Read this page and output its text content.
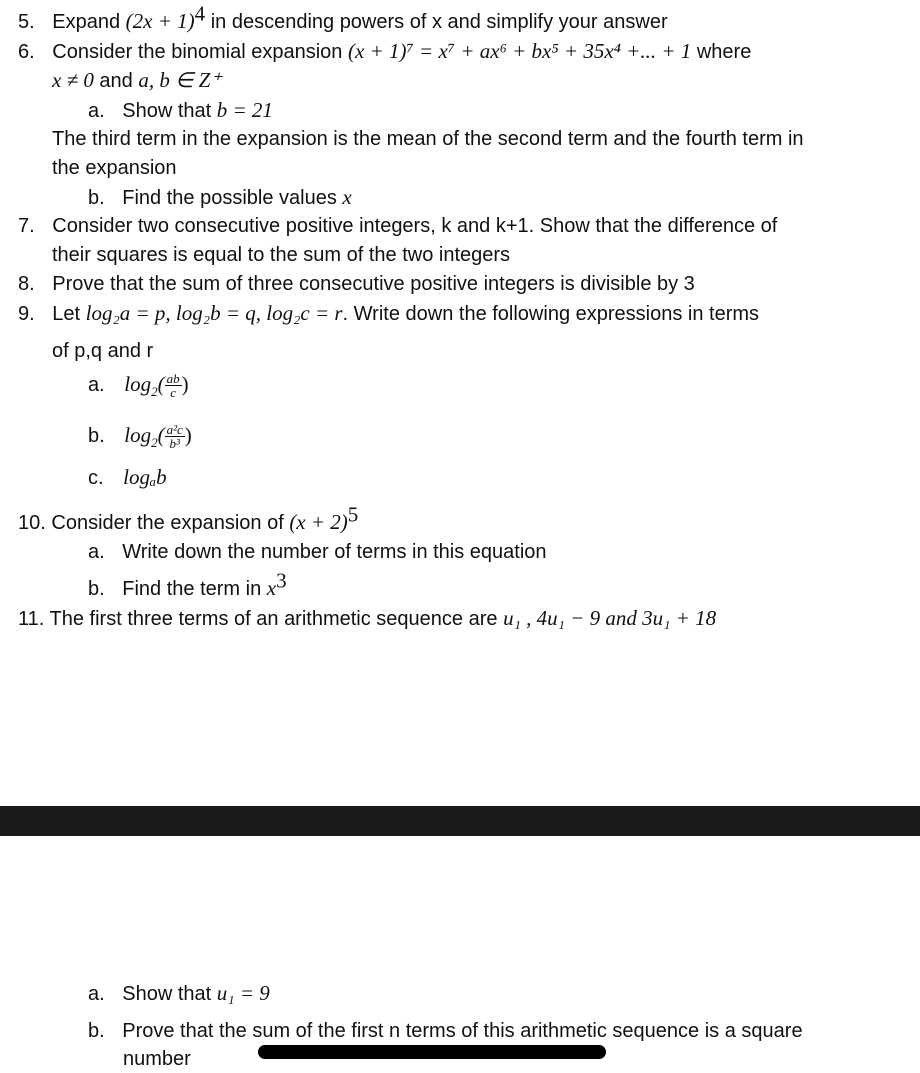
5. Expand $(2x + 1)^4$ in descending powers of x and simplify your answer
6. Consider the binomial expansion (x + 1)⁷ = x⁷ + ax⁶ + bx⁵ + 35x⁴ +... + 1 where
x ≠ 0 and a, b ∈ Z⁺
a. Show that b = 21
The third term in the expansion is the mean of the second term and the fourth term in
the expansion
b. Find the possible values x
7. Consider two consecutive positive integers, k and k+1. Show that the difference of
their squares is equal to the sum of the two integers
8. Prove that the sum of three consecutive positive integers is divisible by 3
9. Let log₂a = p, log₂b = q, log₂c = r. Write down the following expressions in terms
of p,q and r
a. $\log_2( \frac{ab}{c}$ )
b. $\log_2( \frac{\text{a²c}}{\text{b³}}$ )
c. logₐb
10. Consider the expansion of $(x + 2)^5$
a. Write down the number of terms in this equation
b. Find the term in $x^3$
11. The first three terms of an arithmetic sequence are u₁ , 4u₁ − 9 and 3u₁ + 18
a. Show that u₁ = 9
b. Prove that the sum of the first n terms of this arithmetic sequence is a square
number
